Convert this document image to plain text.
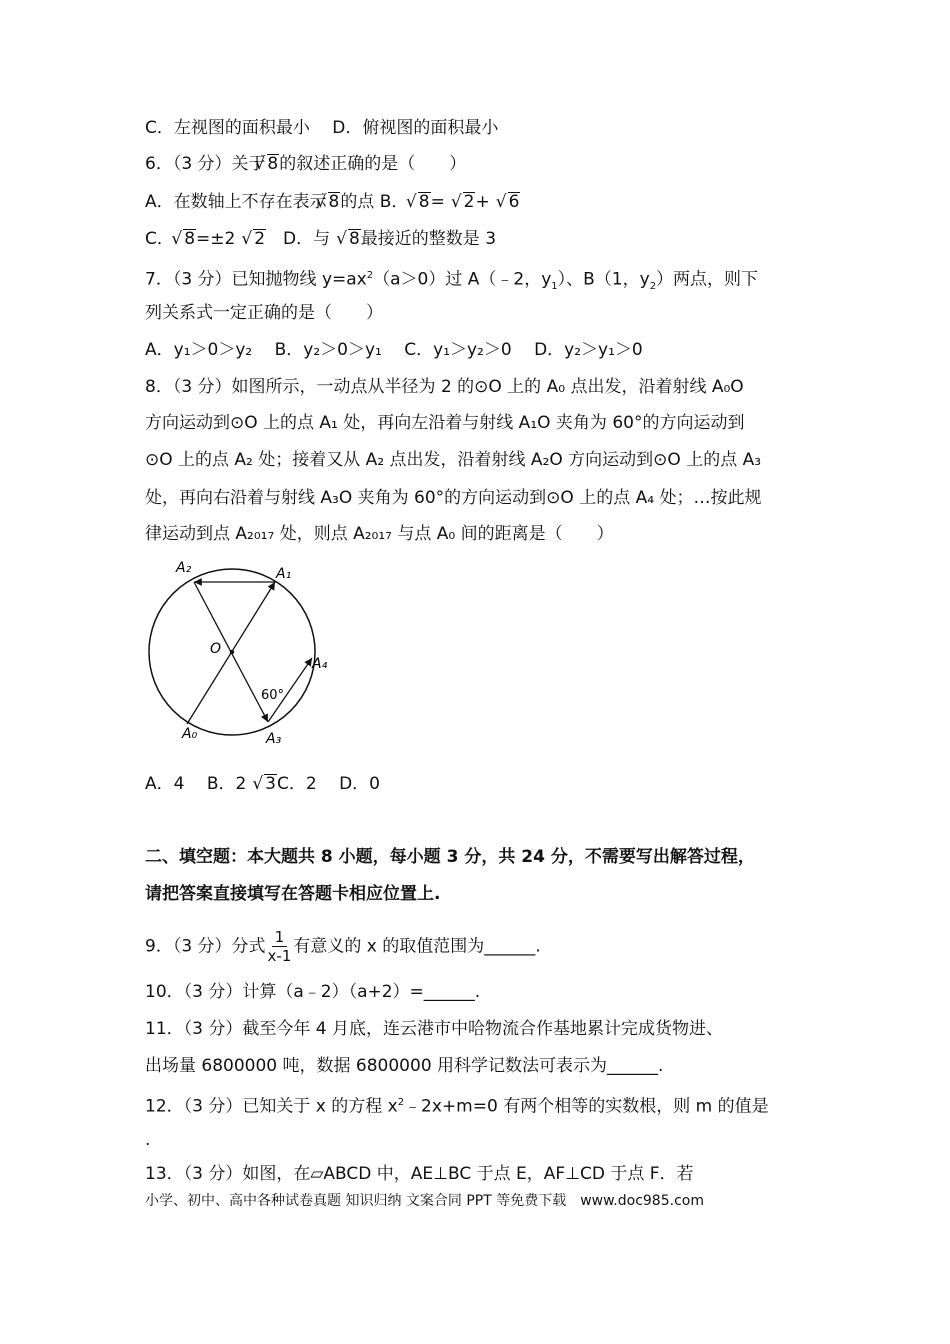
C．左视图的面积最小　 D．俯视图的面积最小
6．（3 分）关于 √ 8的叙述正确的是（　　）
A．在数轴上不存在表示 √ 8的点 B．　 √ 8=　 √ 2+　 √ 6
C．　 √ 8=±2　 √ 2　D．与　 √ 8最接近的整数是 3
7．（3 分）已知抛物线 $y=ax^2(a>0)$过 A（﹣2，$y_1$）、B（1，$y_2$）两点，则下
列关系式一定正确的是（　　）
A．y₁＞0＞y₂　 B．y₂＞0＞y₁　 C．y₁＞y₂＞0　 D．y₂＞y₁＞0
8．（3 分）如图所示，一动点从半径为 2 的⊙O 上的 A₀ 点出发，沿着射线 A₀O
方向运动到⊙O 上的点 A₁ 处，再向左沿着与射线 A₁O 夹角为 60°的方向运动到
⊙O 上的点 A₂ 处；接着又从 A₂ 点出发，沿着射线 A₂O 方向运动到⊙O 上的点 A₃
处，再向右沿着与射线 A₃O 夹角为 60°的方向运动到⊙O 上的点 A₄ 处；…按此规
律运动到点 A₂₀₁₇ 处，则点 A₂₀₁₇ 与点 A₀ 间的距离是（　　）
A₂	A₁
O
A₄
60°
A₀	A₃
A．4　 B．2　 √ 3C．2　 D．0
二、填空题：本大题共 8 小题，每小题 3 分，共 24 分，不需要写出解答过程，
请把答案直接填写在答题卡相应位置上.
9．（3 分）分式 $\frac{1}{x-1}$ 有意义的 x 的取值范围为______.
10．（3 分）计算（a﹣2）（a+2）=______.
11．（3 分）截至今年 4 月底，连云港市中哈物流合作基地累计完成货物进、
出场量 6800000 吨，数据 6800000 用科学记数法可表示为______.
12．（3 分）已知关于 x 的方程 $x^2﹣2x+m=0$ 有两个相等的实数根，则 m 的值是
.
13．（3 分）如图，在▱ABCD 中，AE⊥BC 于点 E，AF⊥CD 于点 F．若
小学、初中、高中各种试卷真题 知识归纳 文案合同 PPT 等免费下载　www.doc985.com
